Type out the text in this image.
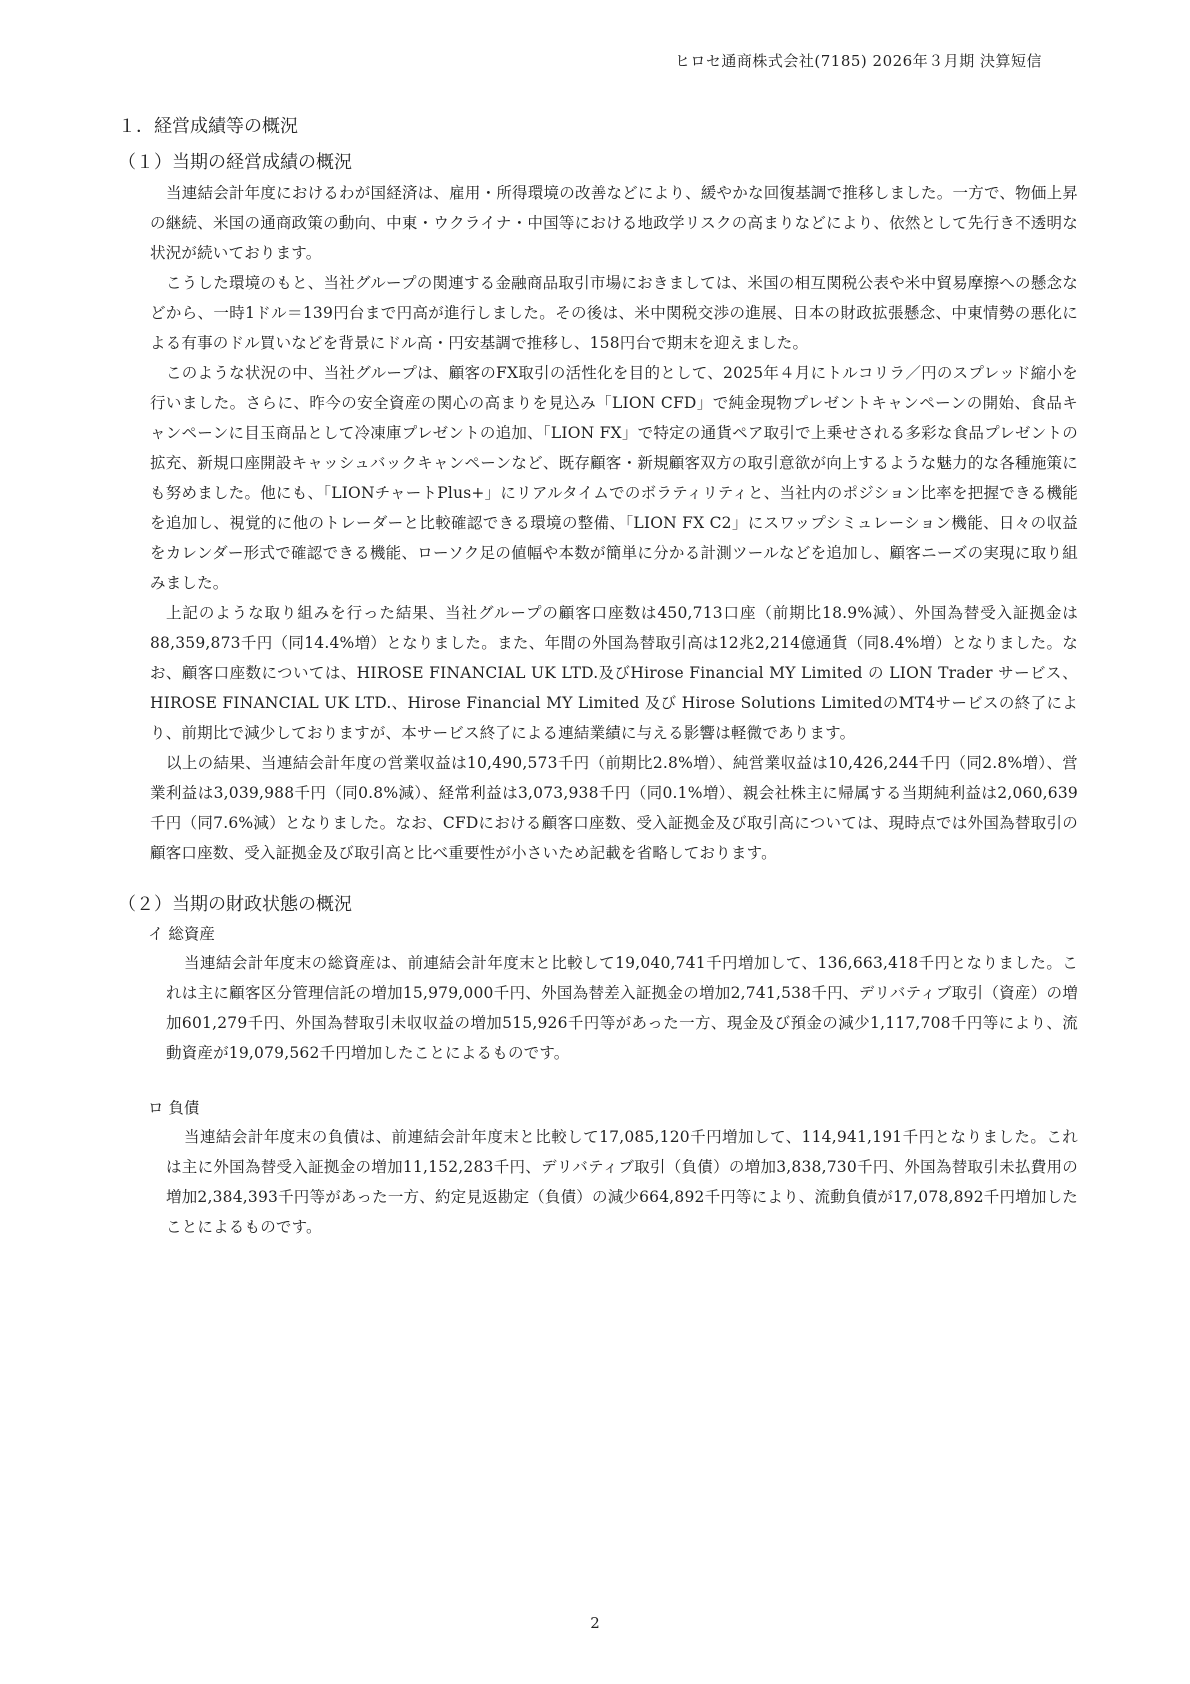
ヒロセ通商株式会社(7185) 2026年３月期 決算短信
１．経営成績等の概況
（１）当期の経営成績の概況

当連結会計年度におけるわが国経済は、雇用・所得環境の改善などにより、緩やかな回復基調で推移しました。一方で、物価上昇の継続、米国の通商政策の動向、中東・ウクライナ・中国等における地政学リスクの高まりなどにより、依然として先行き不透明な状況が続いております。

こうした環境のもと、当社グループの関連する金融商品取引市場におきましては、米国の相互関税公表や米中貿易摩擦への懸念などから、一時1ドル＝139円台まで円高が進行しました。その後は、米中関税交渉の進展、日本の財政拡張懸念、中東情勢の悪化による有事のドル買いなどを背景にドル高・円安基調で推移し、158円台で期末を迎えました。

このような状況の中、当社グループは、顧客のFX取引の活性化を目的として、2025年４月にトルコリラ／円のスプレッド縮小を行いました。さらに、昨今の安全資産の関心の高まりを見込み「LION CFD」で純金現物プレゼントキャンペーンの開始、食品キャンペーンに目玉商品として冷凍庫プレゼントの追加、「LION FX」で特定の通貨ペア取引で上乗せされる多彩な食品プレゼントの拡充、新規口座開設キャッシュバックキャンペーンなど、既存顧客・新規顧客双方の取引意欲が向上するような魅力的な各種施策にも努めました。他にも、「LIONチャートPlus+」にリアルタイムでのボラティリティと、当社内のポジション比率を把握できる機能を追加し、視覚的に他のトレーダーと比較確認できる環境の整備、「LION FX C2」にスワップシミュレーション機能、日々の収益をカレンダー形式で確認できる機能、ローソク足の値幅や本数が簡単に分かる計測ツールなどを追加し、顧客ニーズの実現に取り組みました。

上記のような取り組みを行った結果、当社グループの顧客口座数は450,713口座（前期比18.9%減）、外国為替受入証拠金は88,359,873千円（同14.4%増）となりました。また、年間の外国為替取引高は12兆2,214億通貨（同8.4%増）となりました。なお、顧客口座数については、HIROSE FINANCIAL UK LTD.及びHirose Financial MY Limited の LION Trader サービス、HIROSE FINANCIAL UK LTD.、Hirose Financial MY Limited 及び Hirose Solutions LimitedのMT4サービスの終了により、前期比で減少しておりますが、本サービス終了による連結業績に与える影響は軽微であります。

以上の結果、当連結会計年度の営業収益は10,490,573千円（前期比2.8%増）、純営業収益は10,426,244千円（同2.8%増）、営業利益は3,039,988千円（同0.8%減）、経常利益は3,073,938千円（同0.1%増）、親会社株主に帰属する当期純利益は2,060,639千円（同7.6%減）となりました。なお、CFDにおける顧客口座数、受入証拠金及び取引高については、現時点では外国為替取引の顧客口座数、受入証拠金及び取引高と比べ重要性が小さいため記載を省略しております。

（２）当期の財政状態の概況
イ 総資産

当連結会計年度末の総資産は、前連結会計年度末と比較して19,040,741千円増加して、136,663,418千円となりました。これは主に顧客区分管理信託の増加15,979,000千円、外国為替差入証拠金の増加2,741,538千円、デリバティブ取引（資産）の増加601,279千円、外国為替取引未収収益の増加515,926千円等があった一方、現金及び預金の減少1,117,708千円等により、流動資産が19,079,562千円増加したことによるものです。

ロ 負債

当連結会計年度末の負債は、前連結会計年度末と比較して17,085,120千円増加して、114,941,191千円となりました。これは主に外国為替受入証拠金の増加11,152,283千円、デリバティブ取引（負債）の増加3,838,730千円、外国為替取引未払費用の増加2,384,393千円等があった一方、約定見返勘定（負債）の減少664,892千円等により、流動負債が17,078,892千円増加したことによるものです。

2
